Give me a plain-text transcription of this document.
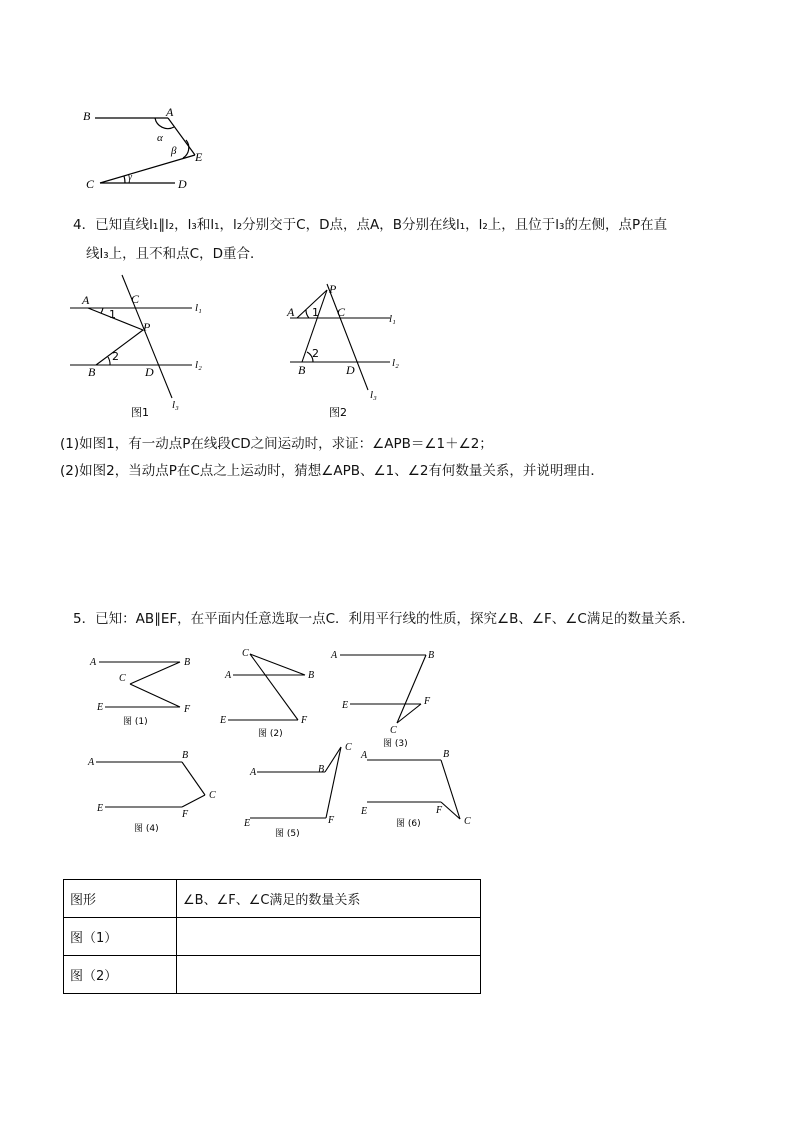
B	A
α
β E
γ
C	D
4．已知直线l₁∥l₂，l₃和l₁，l₂分别交于C，D点，点A，B分别在线l₁，l₂上，且位于l₃的左侧，点P在直
线l₃上，且不和点C，D重合．
A	C
l₁
1
P
2
B	D	l₂
l₃
图1
P
A 1 C	l₁
2
B	D	l₂
l₃
图2
(1)如图1，有一动点P在线段CD之间运动时，求证：∠APB＝∠1＋∠2；
(2)如图2，当动点P在C点之上运动时，猜想∠APB、∠1、∠2有何数量关系，并说明理由．
5．已知：AB∥EF，在平面内任意选取一点C．利用平行线的性质，探究∠B、∠F、∠C满足的数量关系．
A	B
C
E	F
图 (1)
C
A	B
E	F
图 (2)
A	B
E	F
C
图 (3)
A
B
C
E
F
图 (4)
A	B
C
E	F
图 (5)
A	B
E	F
C
图 (6)
图形	∠B、∠F、∠C满足的数量关系
图（1）	
图（2）	
